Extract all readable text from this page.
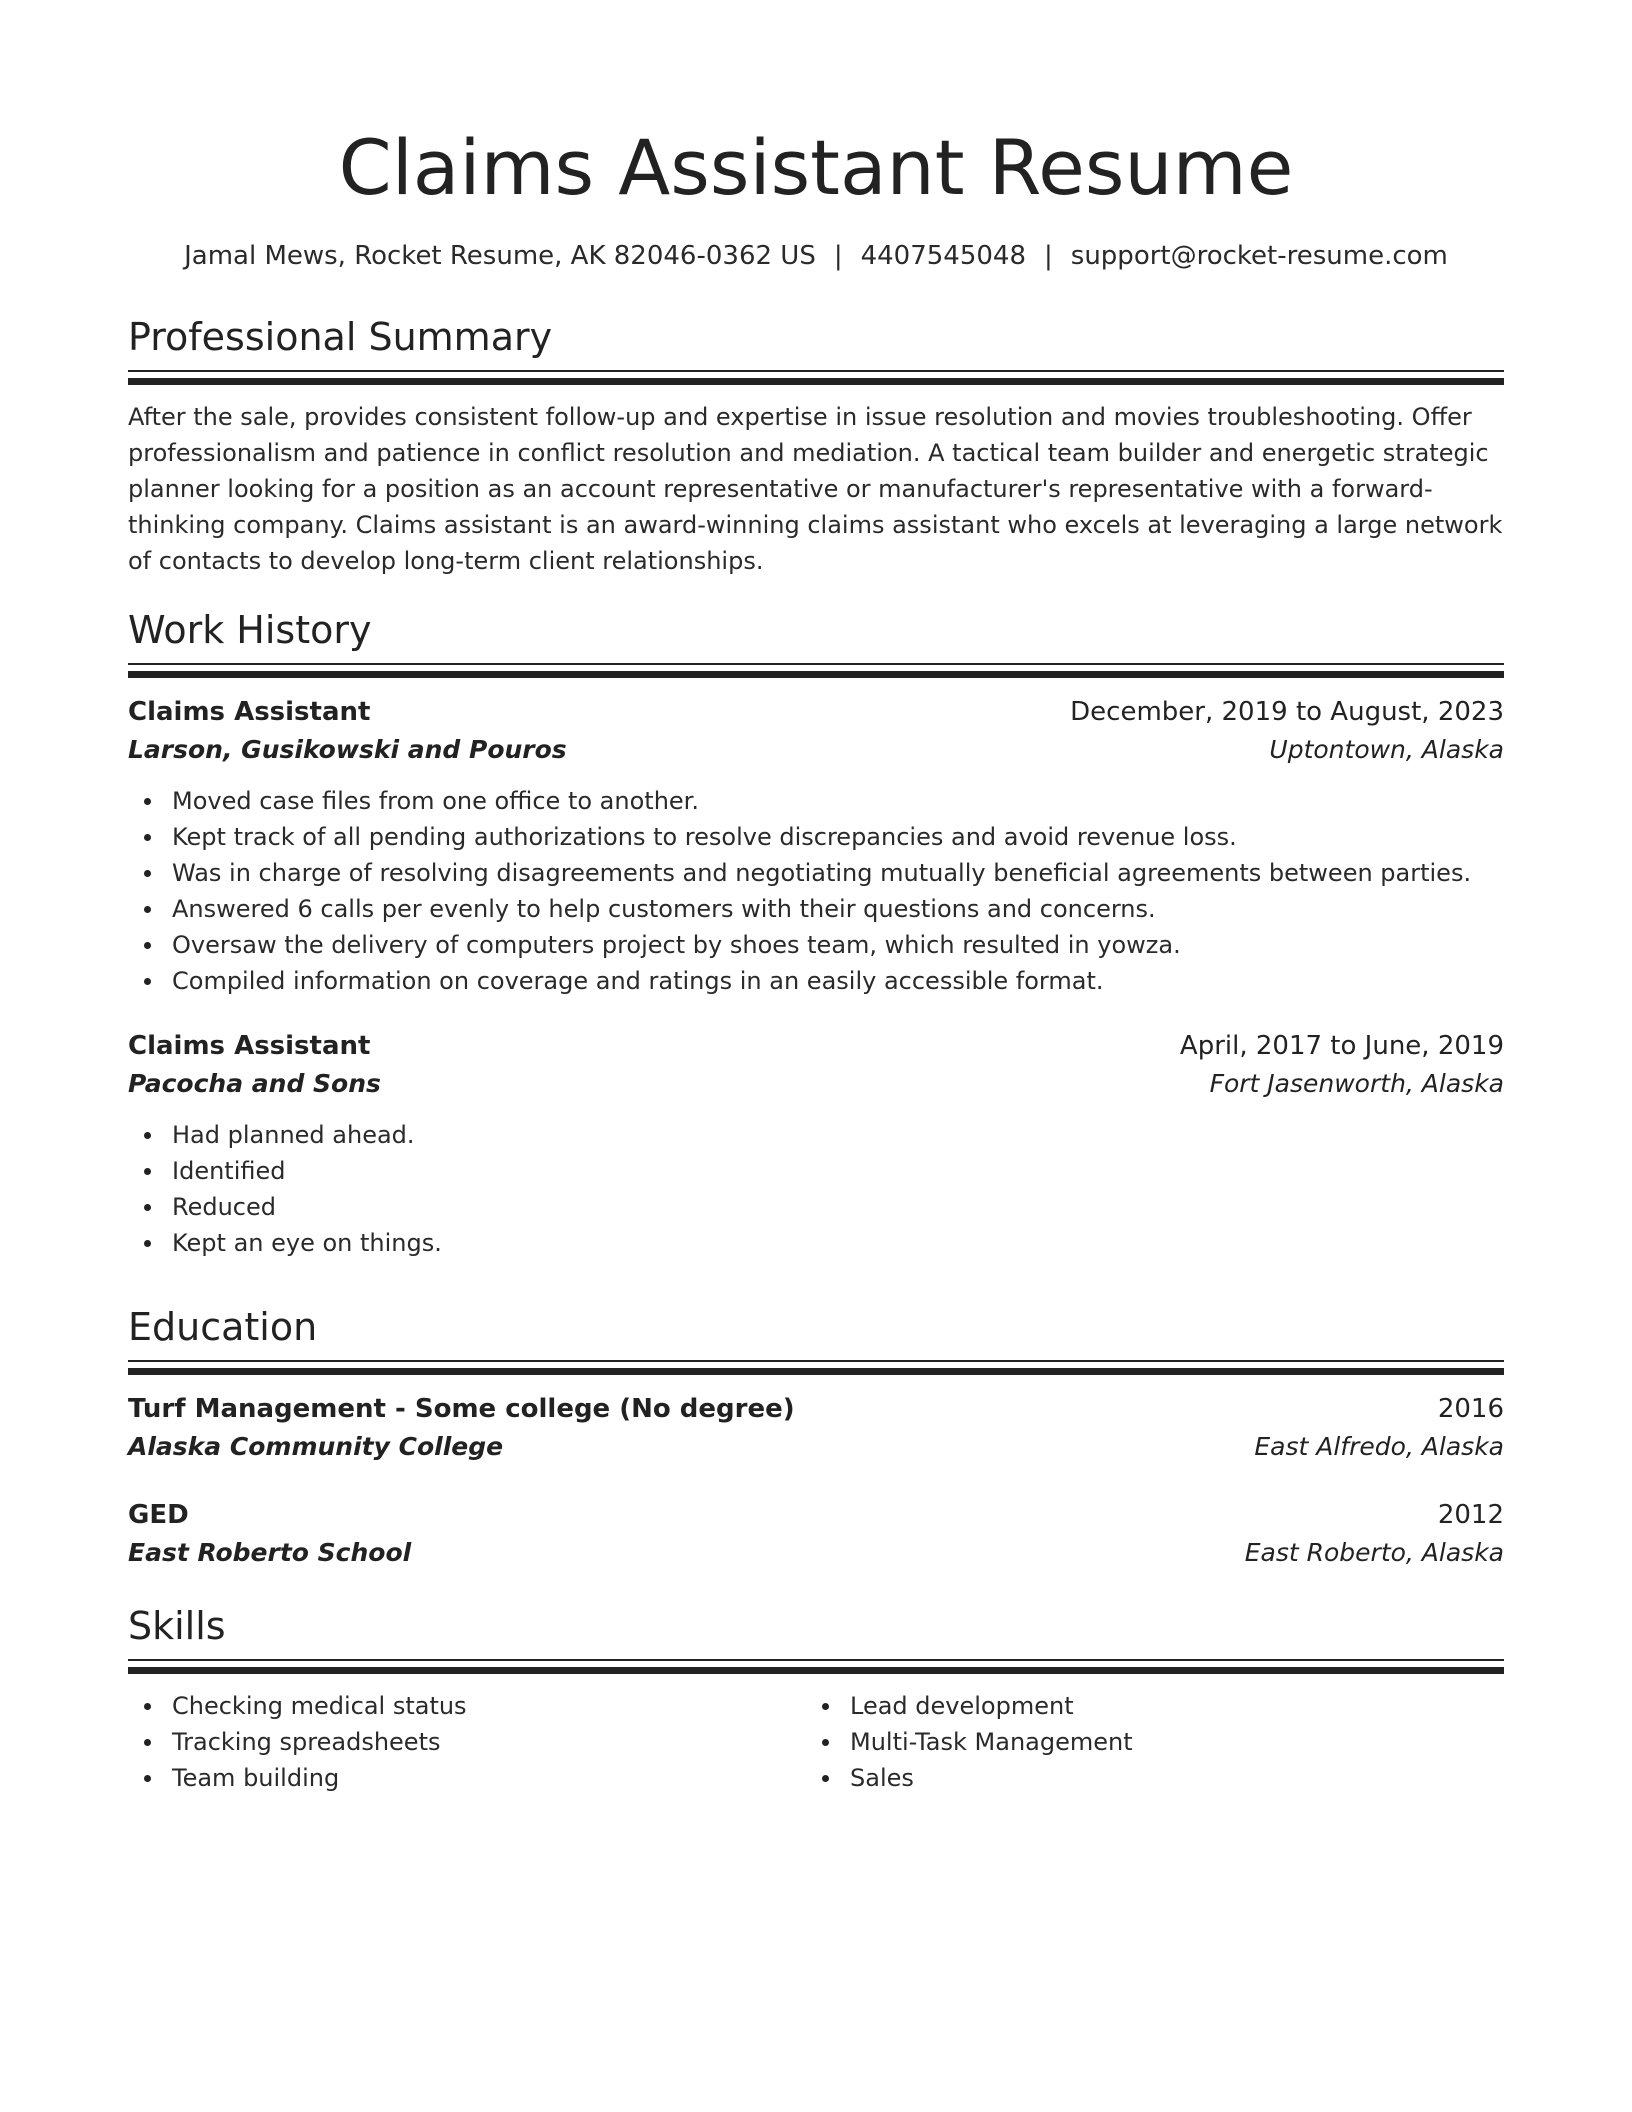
Claims Assistant Resume
Jamal Mews, Rocket Resume, AK 82046-0362 US | 4407545048 | support@rocket-resume.com
Professional Summary

After the sale, provides consistent follow-up and expertise in issue resolution and movies troubleshooting. Offer professionalism and patience in conflict resolution and mediation. A tactical team builder and energetic strategic planner looking for a position as an account representative or manufacturer's representative with a forward-thinking company. Claims assistant is an award-winning claims assistant who excels at leveraging a large network of contacts to develop long-term client relationships.

Work History
Claims Assistant	December, 2019 to August, 2023
Larson, Gusikowski and Pouros	Uptontown, Alaska
Moved case files from one office to another.
Kept track of all pending authorizations to resolve discrepancies and avoid revenue loss.
Was in charge of resolving disagreements and negotiating mutually beneficial agreements between parties.
Answered 6 calls per evenly to help customers with their questions and concerns.
Oversaw the delivery of computers project by shoes team, which resulted in yowza.
Compiled information on coverage and ratings in an easily accessible format.
Claims Assistant	April, 2017 to June, 2019
Pacocha and Sons	Fort Jasenworth, Alaska
Had planned ahead.
Identified
Reduced
Kept an eye on things.
Education
Turf Management - Some college (No degree)	2016
Alaska Community College	East Alfredo, Alaska
GED	2012
East Roberto School	East Roberto, Alaska
Skills
Checking medical status
Tracking spreadsheets
Team building
Lead development
Multi-Task Management
Sales
